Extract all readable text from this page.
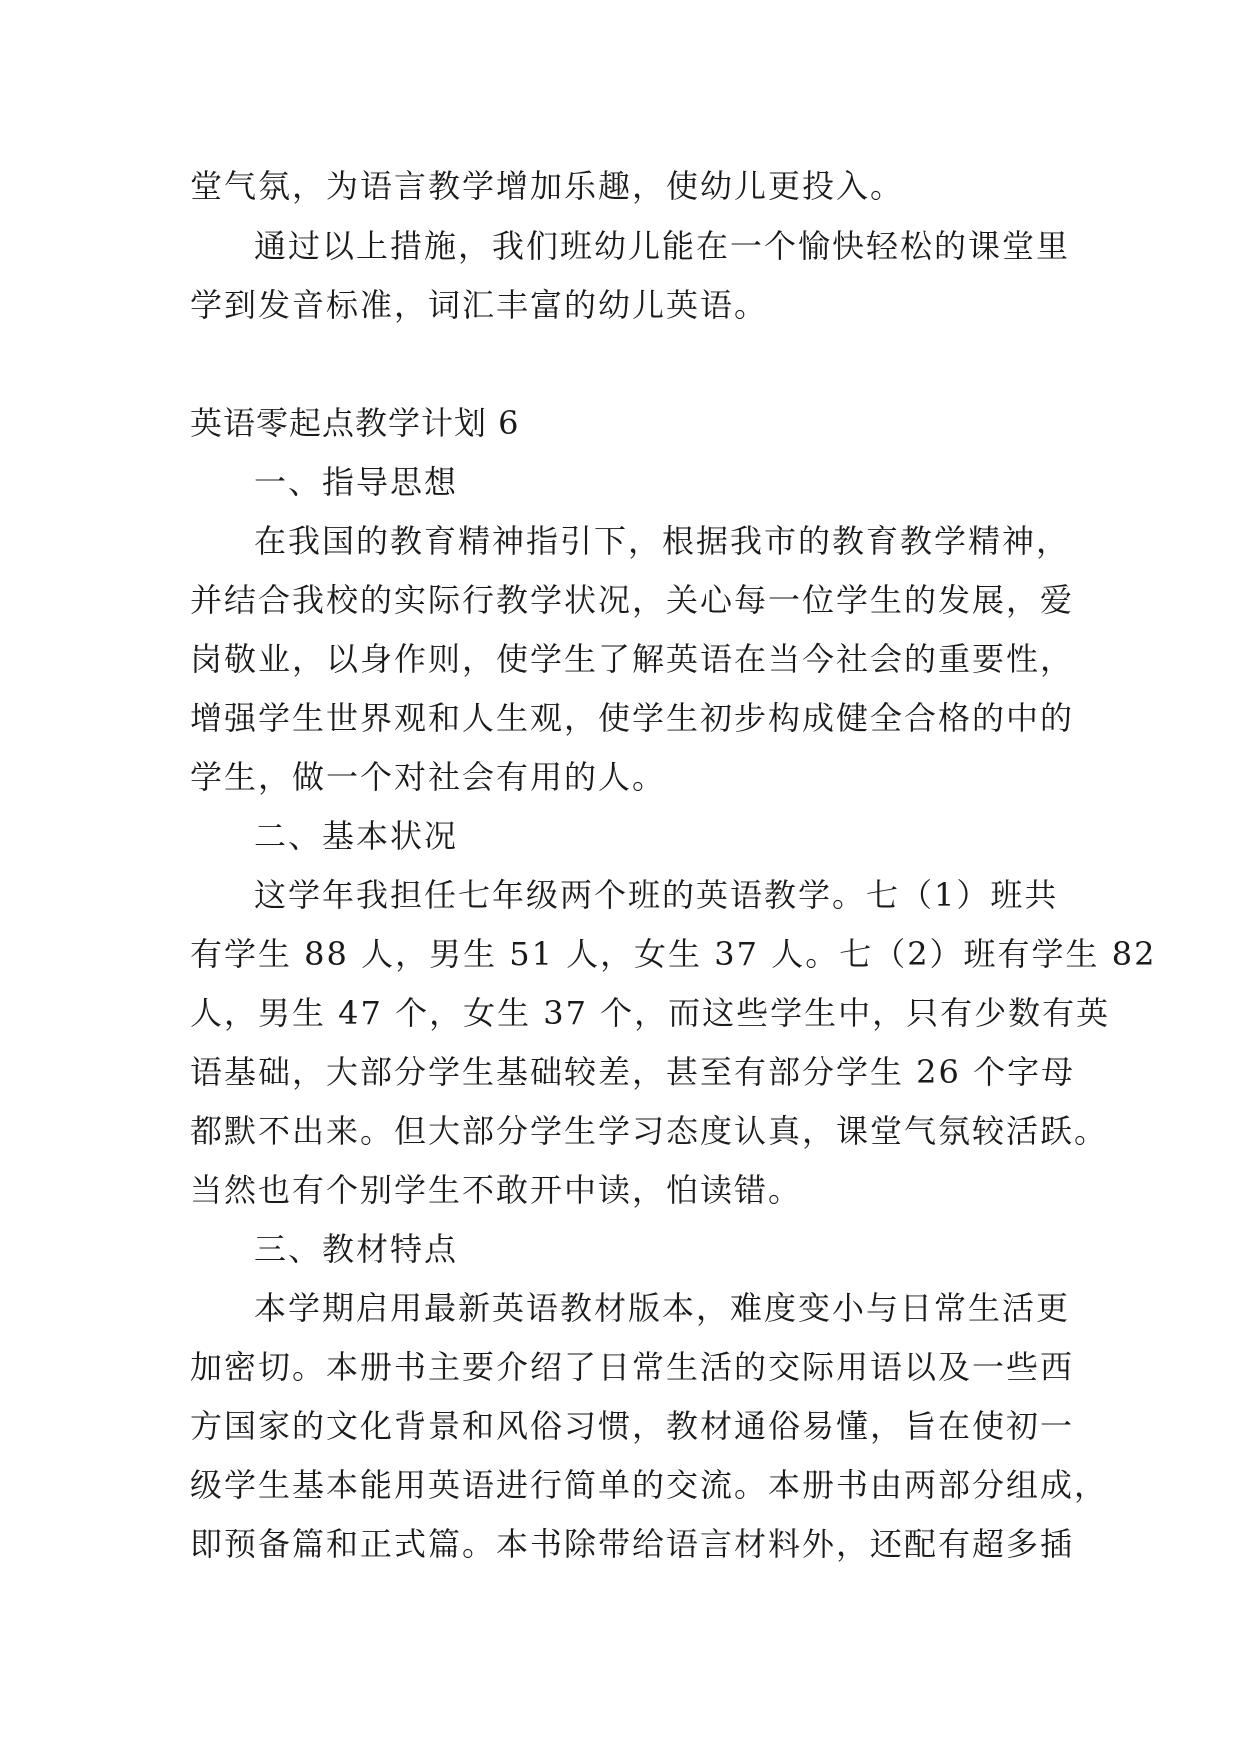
堂气氛，为语言教学增加乐趣，使幼儿更投入。
通过以上措施，我们班幼儿能在一个愉快轻松的课堂里
学到发音标准，词汇丰富的幼儿英语。
英语零起点教学计划 6
一、指导思想
在我国的教育精神指引下，根据我市的教育教学精神，
并结合我校的实际行教学状况，关心每一位学生的发展，爱
岗敬业，以身作则，使学生了解英语在当今社会的重要性，
增强学生世界观和人生观，使学生初步构成健全合格的中的
学生，做一个对社会有用的人。
二、基本状况
这学年我担任七年级两个班的英语教学。七（1）班共
有学生 88 人，男生 51 人，女生 37 人。七（2）班有学生 82
人，男生 47 个，女生 37 个，而这些学生中，只有少数有英
语基础，大部分学生基础较差，甚至有部分学生 26 个字母
都默不出来。但大部分学生学习态度认真，课堂气氛较活跃。
当然也有个别学生不敢开中读，怕读错。
三、教材特点
本学期启用最新英语教材版本，难度变小与日常生活更
加密切。本册书主要介绍了日常生活的交际用语以及一些西
方国家的文化背景和风俗习惯，教材通俗易懂，旨在使初一
级学生基本能用英语进行简单的交流。本册书由两部分组成，
即预备篇和正式篇。本书除带给语言材料外，还配有超多插
